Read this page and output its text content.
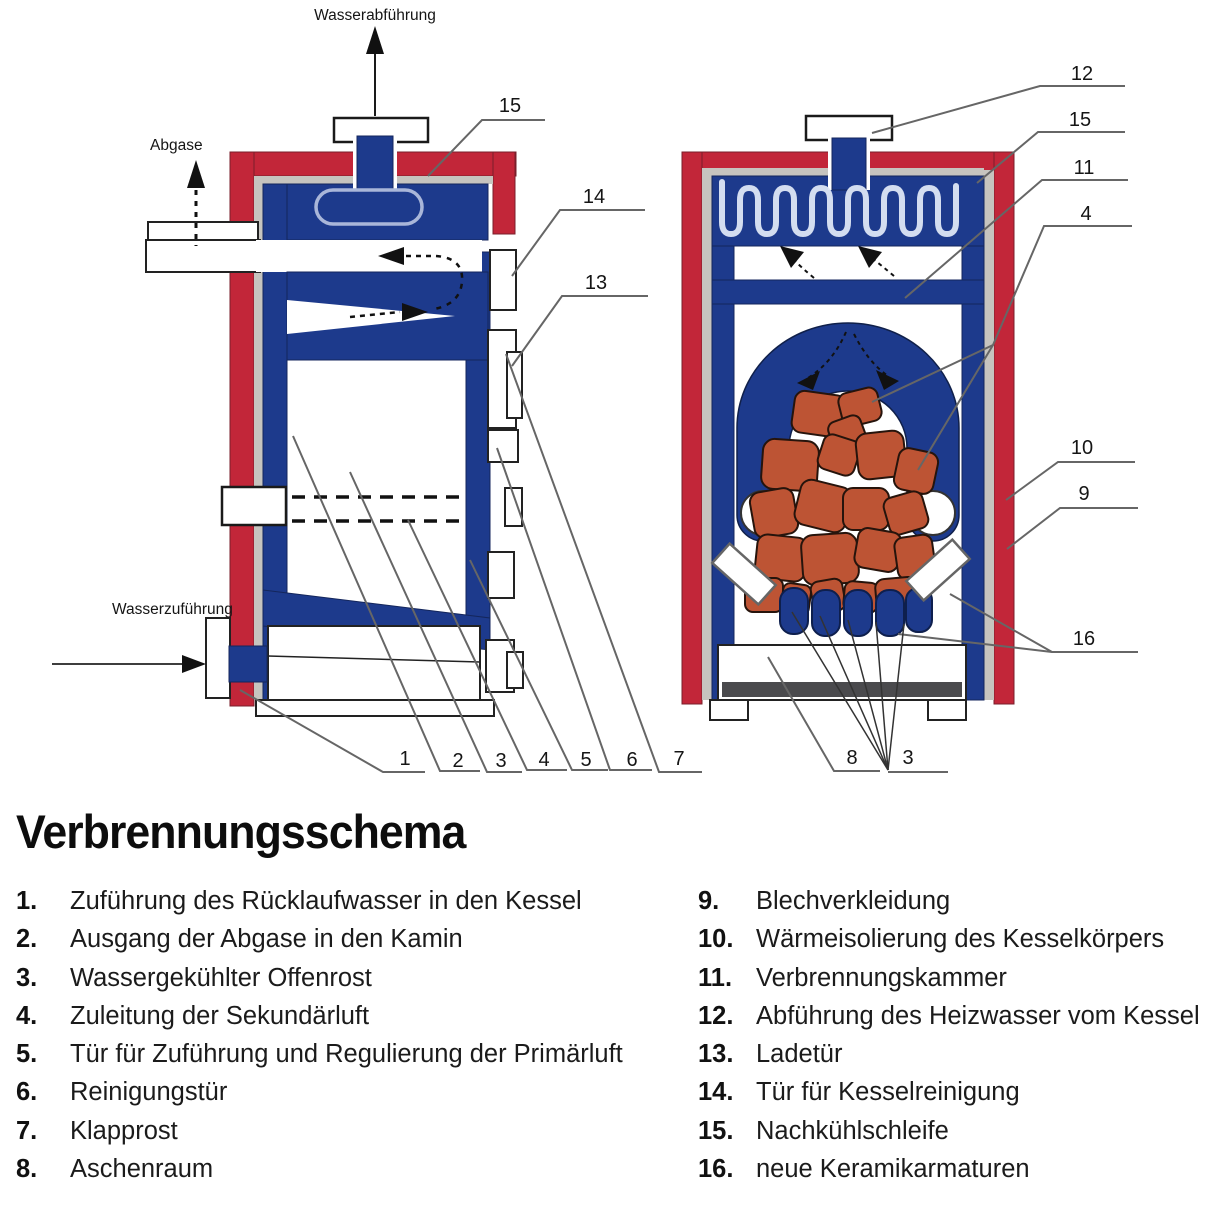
Wasserabführung
Abgase
Wasserzuführung
15
14
13
1 2 3 4 5 6 7
12
15
11
4
10
9
16
8 3
Verbrennungsschema
1.	Zuführung des Rücklaufwasser in den Kessel
2.	Ausgang der Abgase in den Kamin
3.	Wassergekühlter Offenrost
4.	Zuleitung der Sekundärluft
5.	Tür für Zuführung und Regulierung der Primärluft
6.	Reinigungstür
7.	Klapprost
8.	Aschenraum
9.	Blechverkleidung
10. Wärmeisolierung des Kesselkörpers
11. Verbrennungskammer
12. Abführung des Heizwasser vom Kessel
13. Ladetür
14. Tür für Kesselreinigung
15. Nachkühlschleife
16. neue Keramikarmaturen
